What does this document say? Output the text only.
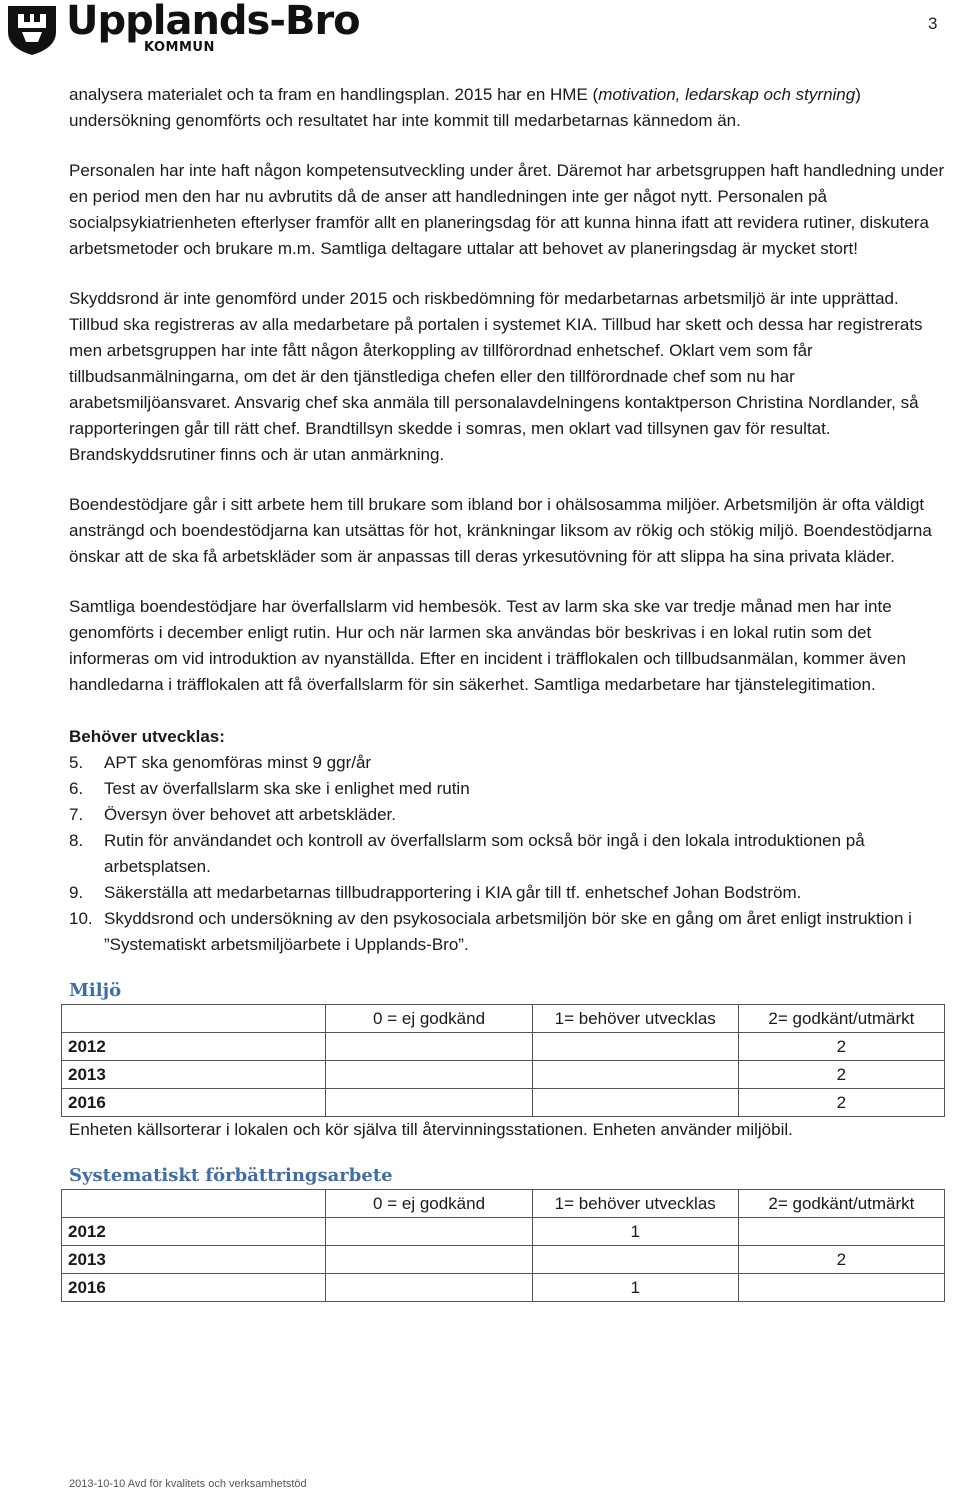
Upplands-Bro
KOMMUN
3

analysera materialet och ta fram en handlingsplan. 2015 har en HME (motivation, ledarskap och styrning) undersökning genomförts och resultatet har inte kommit till medarbetarnas kännedom än.

Personalen har inte haft någon kompetensutveckling under året. Däremot har arbetsgruppen haft handledning under en period men den har nu avbrutits då de anser att handledningen inte ger något nytt. Personalen på socialpsykiatrienheten efterlyser framför allt en planeringsdag för att kunna hinna ifatt att revidera rutiner, diskutera arbetsmetoder och brukare m.m. Samtliga deltagare uttalar att behovet av planeringsdag är mycket stort!

Skyddsrond är inte genomförd under 2015 och riskbedömning för medarbetarnas arbetsmiljö är inte upprättad. Tillbud ska registreras av alla medarbetare på portalen i systemet KIA. Tillbud har skett och dessa har registrerats men arbetsgruppen har inte fått någon återkoppling av tillförordnad enhetschef. Oklart vem som får tillbudsanmälningarna, om det är den tjänstlediga chefen eller den tillförordnade chef som nu har arabetsmiljöansvaret. Ansvarig chef ska anmäla till personalavdelningens kontaktperson Christina Nordlander, så rapporteringen går till rätt chef. Brandtillsyn skedde i somras, men oklart vad tillsynen gav för resultat. Brandskyddsrutiner finns och är utan anmärkning.

Boendestödjare går i sitt arbete hem till brukare som ibland bor i ohälsosamma miljöer. Arbetsmiljön är ofta väldigt ansträngd och boendestödjarna kan utsättas för hot, kränkningar liksom av rökig och stökig miljö. Boendestödjarna önskar att de ska få arbetskläder som är anpassas till deras yrkesutövning för att slippa ha sina privata kläder.

Samtliga boendestödjare har överfallslarm vid hembesök. Test av larm ska ske var tredje månad men har inte genomförts i december enligt rutin. Hur och när larmen ska användas bör beskrivas i en lokal rutin som det informeras om vid introduktion av nyanställda. Efter en incident i träfflokalen och tillbudsanmälan, kommer även handledarna i träfflokalen att få överfallslarm för sin säkerhet. Samtliga medarbetare har tjänstelegitimation.

Behöver utvecklas:
5. APT ska genomföras minst 9 ggr/år
6. Test av överfallslarm ska ske i enlighet med rutin
7. Översyn över behovet att arbetskläder.
8. Rutin för användandet och kontroll av överfallslarm som också bör ingå i den lokala introduktionen på arbetsplatsen.
9. Säkerställa att medarbetarnas tillbudrapportering i KIA går till tf. enhetschef Johan Bodström.
10. Skyddsrond och undersökning av den psykosociala arbetsmiljön bör ske en gång om året enligt instruktion i ”Systematiskt arbetsmiljöarbete i Upplands-Bro”.
Miljö
	0 = ej godkänd	1= behöver utvecklas	2= godkänt/utmärkt
2012			2
2013			2
2016			2

Enheten källsorterar i lokalen och kör själva till återvinningsstationen. Enheten använder miljöbil.

Systematiskt förbättringsarbete
	0 = ej godkänd	1= behöver utvecklas	2= godkänt/utmärkt
2012		1	
2013			2
2016		1	
2013-10-10 Avd för kvalitets och verksamhetstöd
